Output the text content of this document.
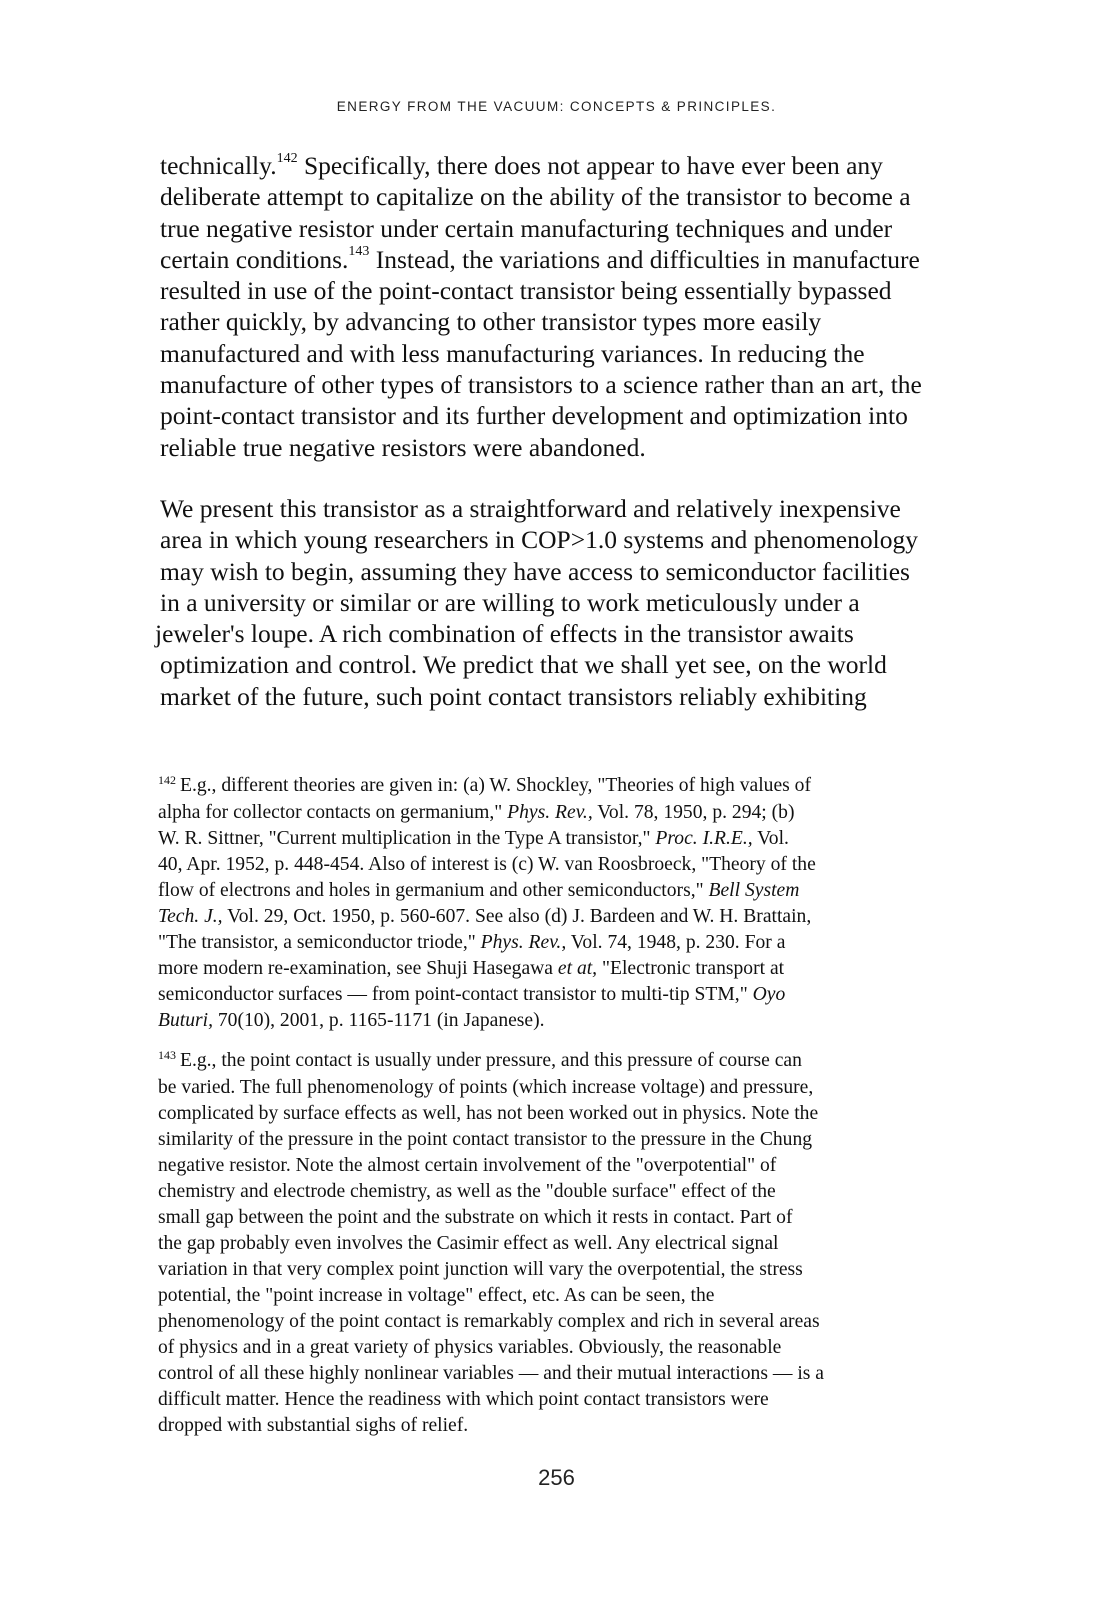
ENERGY FROM THE VACUUM: CONCEPTS & PRINCIPLES.
technically.$^{142}$ Specifically, there does not appear to have ever been any
deliberate attempt to capitalize on the ability of the transistor to become a
true negative resistor under certain manufacturing techniques and under
certain conditions.$^{143}$ Instead, the variations and difficulties in manufacture
resulted in use of the point-contact transistor being essentially bypassed
rather quickly, by advancing to other transistor types more easily
manufactured and with less manufacturing variances. In reducing the
manufacture of other types of transistors to a science rather than an art, the
point-contact transistor and its further development and optimization into
reliable true negative resistors were abandoned.
We present this transistor as a straightforward and relatively inexpensive
area in which young researchers in COP>1.0 systems and phenomenology
may wish to begin, assuming they have access to semiconductor facilities
in a university or similar or are willing to work meticulously under a
jeweler's loupe. A rich combination of effects in the transistor awaits
optimization and control. We predict that we shall yet see, on the world
market of the future, such point contact transistors reliably exhibiting
$^{142}$ E.g., different theories are given in: (a) W. Shockley, "Theories of high values of
alpha for collector contacts on germanium," Phys. Rev., Vol. 78, 1950, p. 294; (b)
W. R. Sittner, "Current multiplication in the Type A transistor," Proc. I.R.E., Vol.
40, Apr. 1952, p. 448-454. Also of interest is (c) W. van Roosbroeck, "Theory of the
flow of electrons and holes in germanium and other semiconductors," Bell System
Tech. J., Vol. 29, Oct. 1950, p. 560-607. See also (d) J. Bardeen and W. H. Brattain,
"The transistor, a semiconductor triode," Phys. Rev., Vol. 74, 1948, p. 230. For a
more modern re-examination, see Shuji Hasegawa et at, "Electronic transport at
semiconductor surfaces — from point-contact transistor to multi-tip STM," Oyo
Buturi, 70(10), 2001, p. 1165-1171 (in Japanese).
$^{143}$ E.g., the point contact is usually under pressure, and this pressure of course can
be varied. The full phenomenology of points (which increase voltage) and pressure,
complicated by surface effects as well, has not been worked out in physics. Note the
similarity of the pressure in the point contact transistor to the pressure in the Chung
negative resistor. Note the almost certain involvement of the "overpotential" of
chemistry and electrode chemistry, as well as the "double surface" effect of the
small gap between the point and the substrate on which it rests in contact. Part of
the gap probably even involves the Casimir effect as well. Any electrical signal
variation in that very complex point junction will vary the overpotential, the stress
potential, the "point increase in voltage" effect, etc. As can be seen, the
phenomenology of the point contact is remarkably complex and rich in several areas
of physics and in a great variety of physics variables. Obviously, the reasonable
control of all these highly nonlinear variables — and their mutual interactions — is a
difficult matter. Hence the readiness with which point contact transistors were
dropped with substantial sighs of relief.
256
